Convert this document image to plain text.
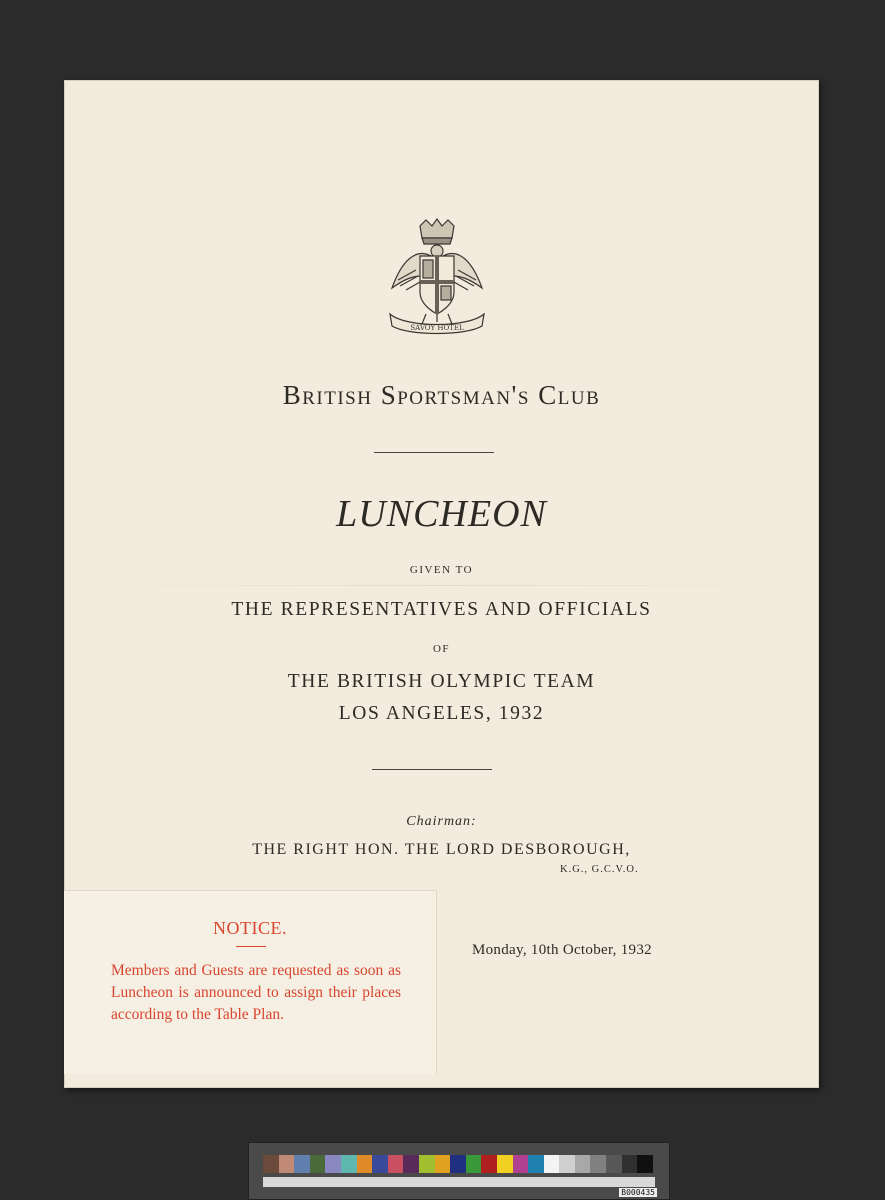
SAVOY HOTEL
British Sportsman's Club
LUNCHEON
GIVEN TO
THE REPRESENTATIVES AND OFFICIALS
OF
THE BRITISH OLYMPIC TEAM
LOS ANGELES, 1932
Chairman:
THE RIGHT HON. THE LORD DESBOROUGH,
K.G., G.C.V.O.
Monday, 10th October, 1932
NOTICE.
Members and Guests are requested as soon as Luncheon is announced to assign their places according to the Table Plan.
B000435
